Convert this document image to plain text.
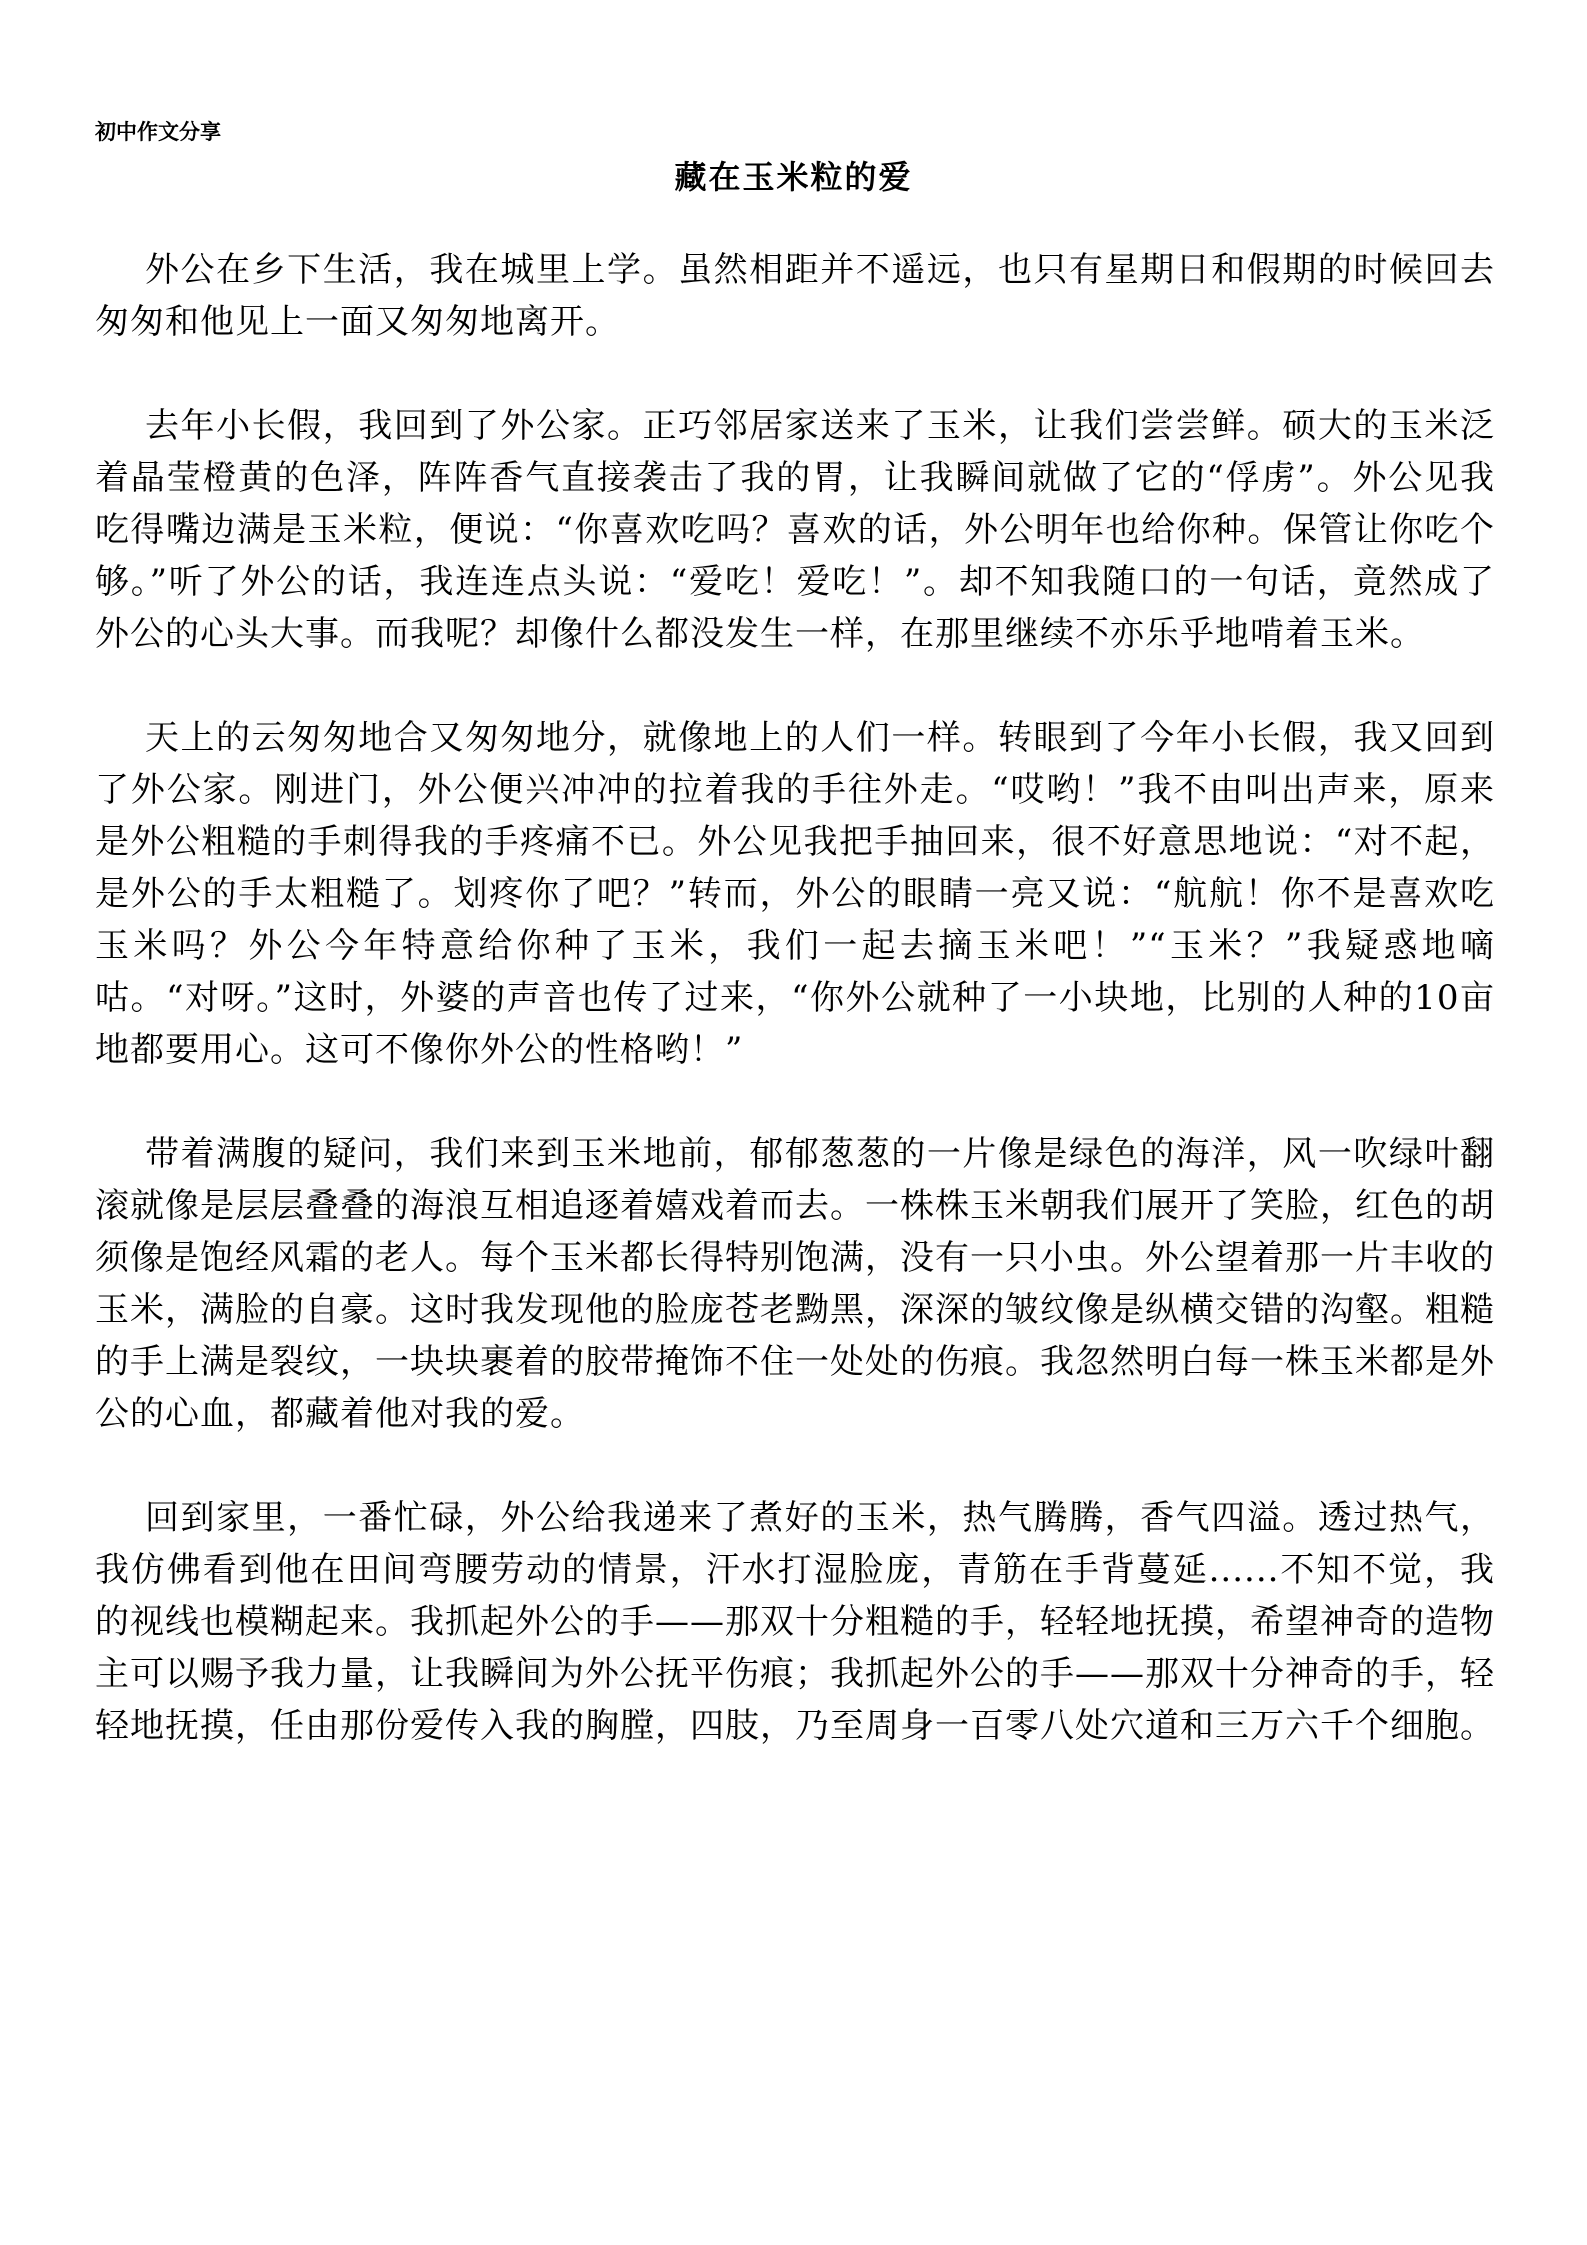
初中作文分享
藏在玉米粒的爱

外公在乡下生活，我在城里上学。虽然相距并不遥远，也只有星期日和假期的时候回去匆匆和他见上一面又匆匆地离开。

去年小长假，我回到了外公家。正巧邻居家送来了玉米，让我们尝尝鲜。硕大的玉米泛着晶莹橙黄的色泽，阵阵香气直接袭击了我的胃，让我瞬间就做了它的“俘虏”。外公见我吃得嘴边满是玉米粒，便说：“你喜欢吃吗？喜欢的话，外公明年也给你种。保管让你吃个够。”听了外公的话，我连连点头说：“爱吃！爱吃！”。却不知我随口的一句话，竟然成了外公的心头大事。而我呢？却像什么都没发生一样，在那里继续不亦乐乎地啃着玉米。

天上的云匆匆地合又匆匆地分，就像地上的人们一样。转眼到了今年小长假，我又回到了外公家。刚进门，外公便兴冲冲的拉着我的手往外走。“哎哟！”我不由叫出声来，原来是外公粗糙的手刺得我的手疼痛不已。外公见我把手抽回来，很不好意思地说：“对不起，是外公的手太粗糙了。划疼你了吧？”转而，外公的眼睛一亮又说：“航航！你不是喜欢吃玉米吗？外公今年特意给你种了玉米，我们一起去摘玉米吧！”“玉米？”我疑惑地嘀咕。“对呀。”这时，外婆的声音也传了过来，“你外公就种了一小块地，比别的人种的10亩地都要用心。这可不像你外公的性格哟！”

带着满腹的疑问，我们来到玉米地前，郁郁葱葱的一片像是绿色的海洋，风一吹绿叶翻滚就像是层层叠叠的海浪互相追逐着嬉戏着而去。一株株玉米朝我们展开了笑脸，红色的胡须像是饱经风霜的老人。每个玉米都长得特别饱满，没有一只小虫。外公望着那一片丰收的玉米，满脸的自豪。这时我发现他的脸庞苍老黝黑，深深的皱纹像是纵横交错的沟壑。粗糙的手上满是裂纹，一块块裹着的胶带掩饰不住一处处的伤痕。我忽然明白每一株玉米都是外公的心血，都藏着他对我的爱。

回到家里，一番忙碌，外公给我递来了煮好的玉米，热气腾腾，香气四溢。透过热气，我仿佛看到他在田间弯腰劳动的情景，汗水打湿脸庞，青筋在手背蔓延......不知不觉，我的视线也模糊起来。我抓起外公的手——那双十分粗糙的手，轻轻地抚摸，希望神奇的造物主可以赐予我力量，让我瞬间为外公抚平伤痕；我抓起外公的手——那双十分神奇的手，轻轻地抚摸，任由那份爱传入我的胸膛，四肢，乃至周身一百零八处穴道和三万六千个细胞。
